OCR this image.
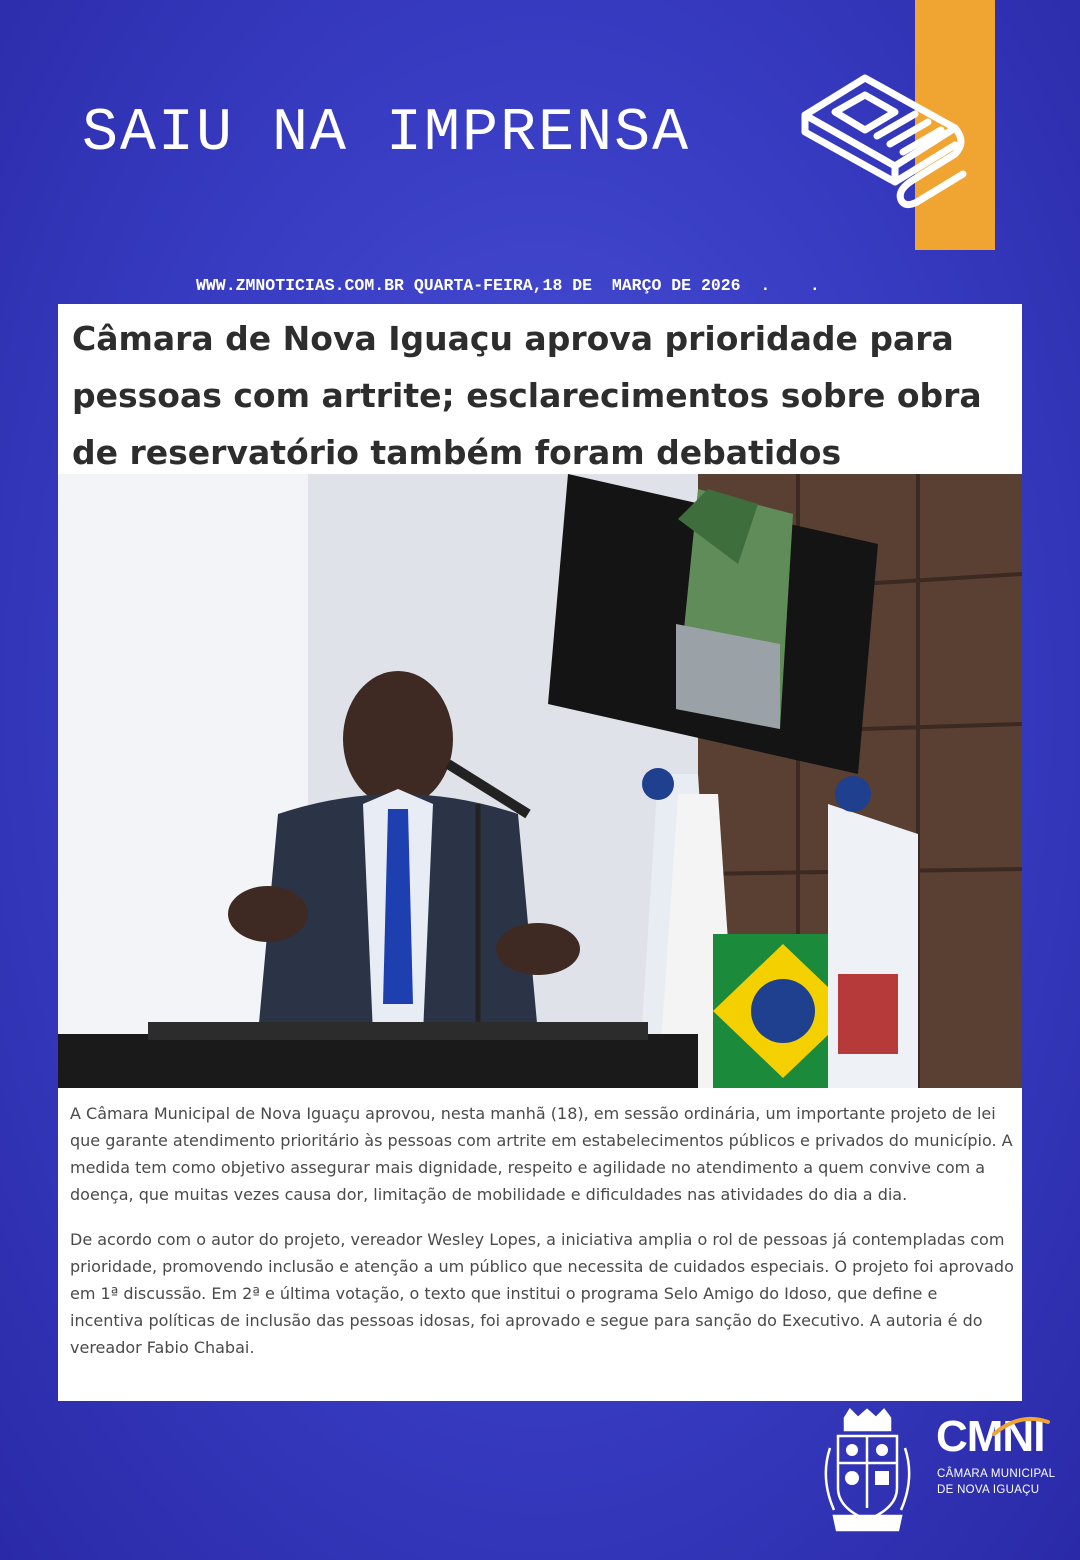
SAIU NA IMPRENSA
WWW.ZMNOTICIAS.COM.BR QUARTA-FEIRA,18 DE  MARÇO DE 2026  .    .
Câmara de Nova Iguaçu aprova prioridade para pessoas com artrite; esclarecimentos sobre obra de reservatório também foram debatidos

A Câmara Municipal de Nova Iguaçu aprovou, nesta manhã (18), em sessão ordinária, um importante projeto de lei que garante atendimento prioritário às pessoas com artrite em estabelecimentos públicos e privados do município. A medida tem como objetivo assegurar mais dignidade, respeito e agilidade no atendimento a quem convive com a doença, que muitas vezes causa dor, limitação de mobilidade e dificuldades nas atividades do dia a dia.

De acordo com o autor do projeto, vereador Wesley Lopes, a iniciativa amplia o rol de pessoas já contempladas com prioridade, promovendo inclusão e atenção a um público que necessita de cuidados especiais. O projeto foi aprovado em 1ª discussão. Em 2ª e última votação, o texto que institui o programa Selo Amigo do Idoso, que define e incentiva políticas de inclusão das pessoas idosas, foi aprovado e segue para sanção do Executivo. A autoria é do vereador Fabio Chabai.

CMNI
CÂMARA MUNICIPAL
DE NOVA IGUAÇU
